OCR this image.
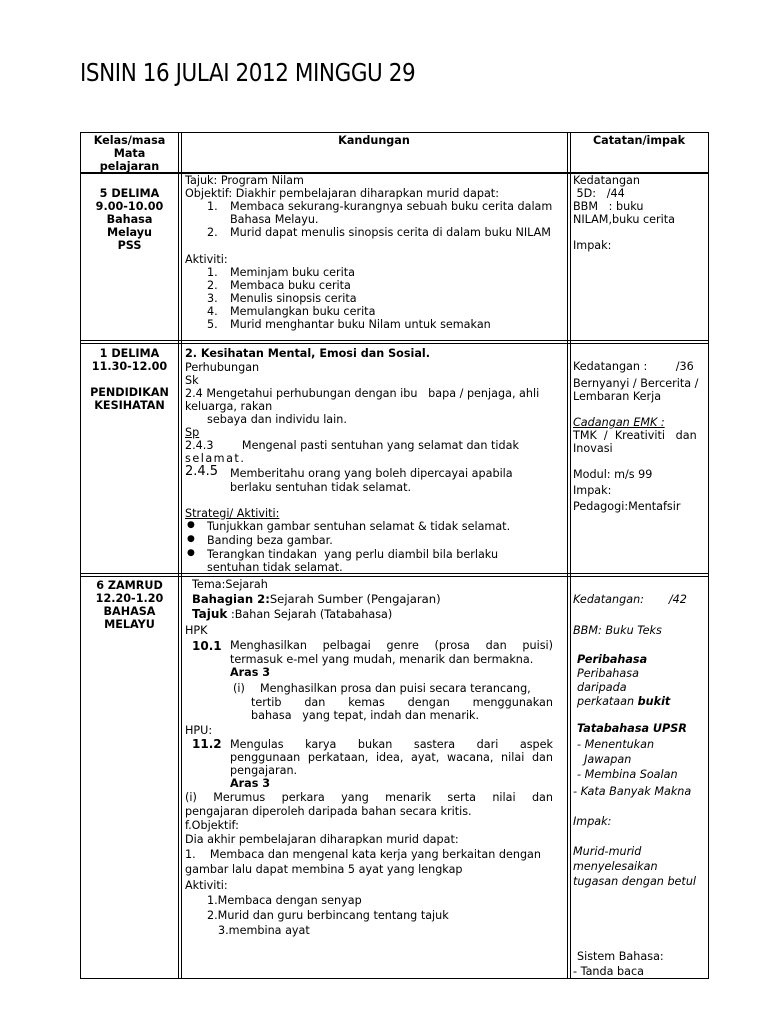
ISNIN 16 JULAI 2012 MINGGU 29
Kelas/masa
Mata
pelajaran
Kandungan	Catatan/impak
5 DELIMA
9.00-10.00
Bahasa
Melayu
PSS
Tajuk: Program Nilam
Objektif: Diakhir pembelajaran diharapkan murid dapat:
1. Membaca sekurang-kurangnya sebuah buku cerita dalam
Bahasa Melayu.
2. Murid dapat menulis sinopsis cerita di dalam buku NILAM
Aktiviti:
1. Meminjam buku cerita
2. Membaca buku cerita
3. Menulis sinopsis cerita
4. Memulangkan buku cerita
5. Murid menghantar buku Nilam untuk semakan
Kedatangan
5D:   /44
BBM   : buku
NILAM,buku cerita
Impak:
1 DELIMA
11.30-12.00
PENDIDIKAN
KESIHATAN
2. Kesihatan Mental, Emosi dan Sosial.
Perhubungan
Sk
2.4 Mengetahui perhubungan dengan ibu   bapa / penjaga, ahli
keluarga, rakan
sebaya dan individu lain.
Sp
2.4.3        Mengenal pasti sentuhan yang selamat dan tidak
selamat.
2.4.5 Memberitahu orang yang boleh dipercayai apabila
berlaku sentuhan tidak selamat.
Strategi/ Aktiviti:
● Tunjukkan gambar sentuhan selamat & tidak selamat.
● Banding beza gambar.
● Terangkan tindakan  yang perlu diambil bila berlaku
sentuhan tidak selamat.
Kedatangan :        /36
Bernyanyi / Bercerita /
Lembaran Kerja
Cadangan EMK :
TMK  /  Kreativiti   dan
Inovasi
Modul: m/s 99
Impak:
Pedagogi:Mentafsir
6 ZAMRUD
12.20-1.20
BAHASA
MELAYU
Tema:Sejarah
Bahagian 2:Sejarah Sumber (Pengajaran)
Tajuk :Bahan Sejarah (Tatabahasa)
HPK
10.1 Menghasilkan pelbagai genre (prosa dan puisi)
termasuk e-mel yang mudah, menarik dan bermakna.
Aras 3
(i) Menghasilkan prosa dan puisi secara terancang,
tertib dan kemas dengan menggunakan
bahasa   yang tepat, indah dan menarik.
HPU:
11.2 Mengulas karya bukan sastera dari aspek
penggunaan perkataan, idea, ayat, wacana, nilai dan
pengajaran.
Aras 3
(i) Merumus perkara yang menarik serta nilai dan
pengajaran diperoleh daripada bahan secara kritis.
f.Objektif:
Dia akhir pembelajaran diharapkan murid dapat:
1.    Membaca dan mengenal kata kerja yang berkaitan dengan
gambar lalu dapat membina 5 ayat yang lengkap
Aktiviti:
1.Membaca dengan senyap
2.Murid dan guru berbincang tentang tajuk
3.membina ayat
Kedatangan:       /42
BBM: Buku Teks
Peribahasa
Peribahasa
daripada
perkataan bukit
Tatabahasa UPSR
- Menentukan
Jawapan
- Membina Soalan
- Kata Banyak Makna
Impak:
Murid-murid
menyelesaikan
tugasan dengan betul
Sistem Bahasa:
- Tanda baca
